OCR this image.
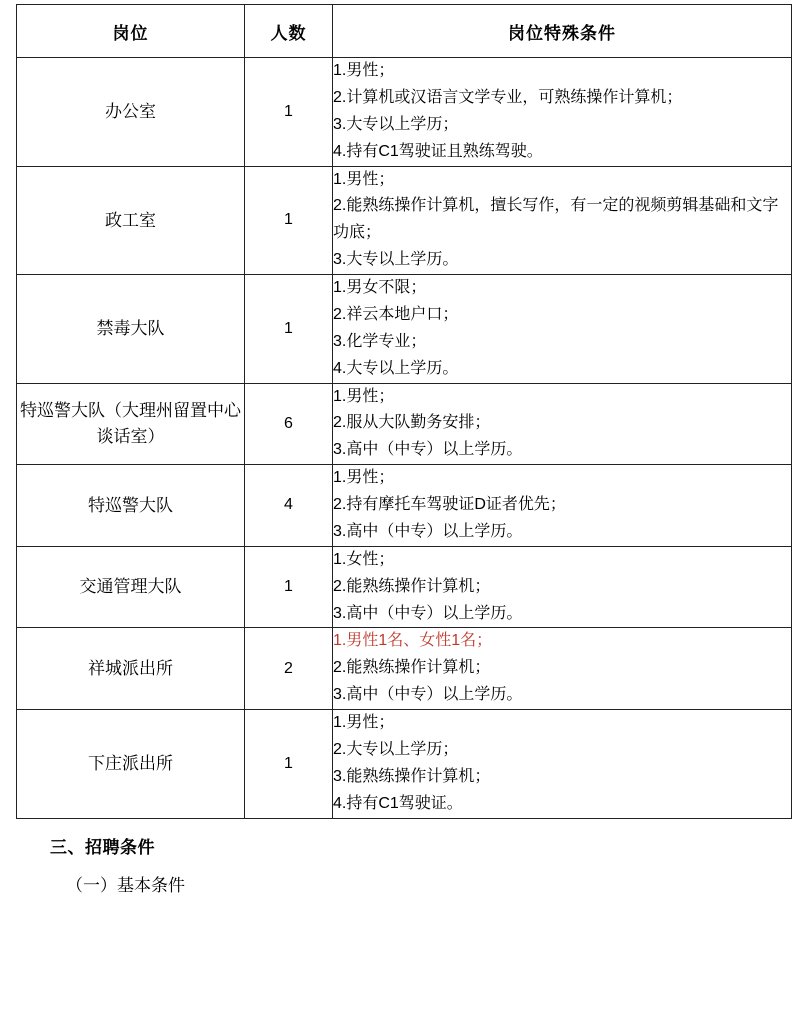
岗位	人数	岗位特殊条件
办公室	1	1.男性；
2.计算机或汉语言文学专业，可熟练操作计算机；
3.大专以上学历；
4.持有C1驾驶证且熟练驾驶。

政工室	1	1.男性；
2.能熟练操作计算机，擅长写作，有一定的视频剪辑基础和文字功底；
3.大专以上学历。

禁毒大队	1	1.男女不限；
2.祥云本地户口；
3.化学专业；
4.大专以上学历。

特巡警大队（大理州留置中心谈话室）	6	1.男性；
2.服从大队勤务安排；
3.高中（中专）以上学历。

特巡警大队	4	1.男性；
2.持有摩托车驾驶证D证者优先；
3.高中（中专）以上学历。

交通管理大队	1	1.女性；
2.能熟练操作计算机；
3.高中（中专）以上学历。

祥城派出所	2	1.男性1名、女性1名；
2.能熟练操作计算机；
3.高中（中专）以上学历。

下庄派出所	1	1.男性；
2.大专以上学历；
3.能熟练操作计算机；
4.持有C1驾驶证。
三、招聘条件
（一）基本条件
